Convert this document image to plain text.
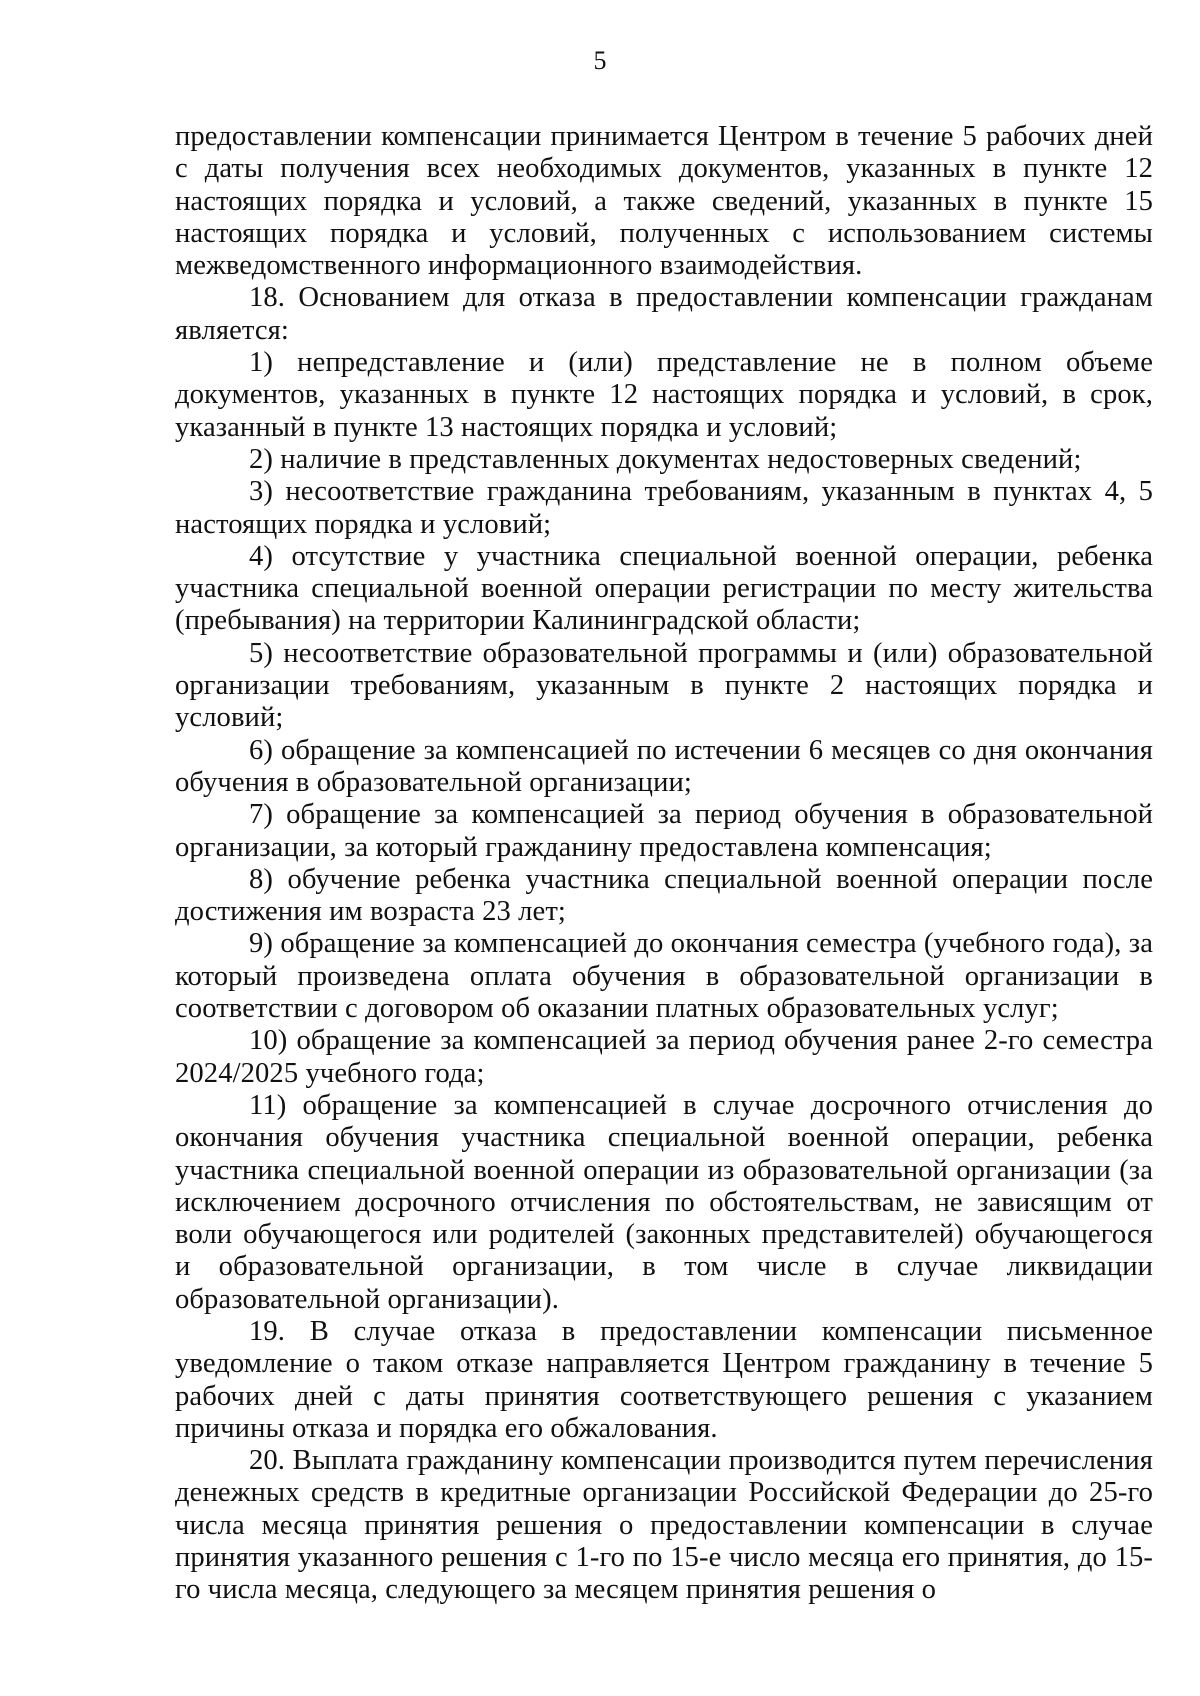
5

предоставлении компенсации принимается Центром в течение 5 рабочих дней с даты получения всех необходимых документов, указанных в пункте 12 настоящих порядка и условий, а также сведений, указанных в пункте 15 настоящих порядка и условий, полученных с использованием системы межведомственного информационного взаимодействия.

18. Основанием для отказа в предоставлении компенсации гражданам является:

1) непредставление и (или) представление не в полном объеме документов, указанных в пункте 12 настоящих порядка и условий, в срок, указанный в пункте 13 настоящих порядка и условий;

2) наличие в представленных документах недостоверных сведений;

3) несоответствие гражданина требованиям, указанным в пунктах 4, 5 настоящих порядка и условий;

4) отсутствие у участника специальной военной операции, ребенка участника специальной военной операции регистрации по месту жительства (пребывания) на территории Калининградской области;

5) несоответствие образовательной программы и (или) образовательной организации требованиям, указанным в пункте 2 настоящих порядка и условий;

6) обращение за компенсацией по истечении 6 месяцев со дня окончания обучения в образовательной организации;

7) обращение за компенсацией за период обучения в образовательной организации, за который гражданину предоставлена компенсация;

8) обучение ребенка участника специальной военной операции после достижения им возраста 23 лет;

9) обращение за компенсацией до окончания семестра (учебного года), за который произведена оплата обучения в образовательной организации в соответствии с договором об оказании платных образовательных услуг;

10) обращение за компенсацией за период обучения ранее 2-го семестра 2024/2025 учебного года;

11) обращение за компенсацией в случае досрочного отчисления до окончания обучения участника специальной военной операции, ребенка участника специальной военной операции из образовательной организации (за исключением досрочного отчисления по обстоятельствам, не зависящим от воли обучающегося или родителей (законных представителей) обучающегося и образовательной организации, в том числе в случае ликвидации образовательной организации).

19. В случае отказа в предоставлении компенсации письменное уведомление о таком отказе направляется Центром гражданину в течение 5 рабочих дней с даты принятия соответствующего решения с указанием причины отказа и порядка его обжалования.

20. Выплата гражданину компенсации производится путем перечисления денежных средств в кредитные организации Российской Федерации до 25-го числа месяца принятия решения о предоставлении компенсации в случае принятия указанного решения с 1-го по 15-е число месяца его принятия, до 15-го числа месяца, следующего за месяцем принятия решения о
